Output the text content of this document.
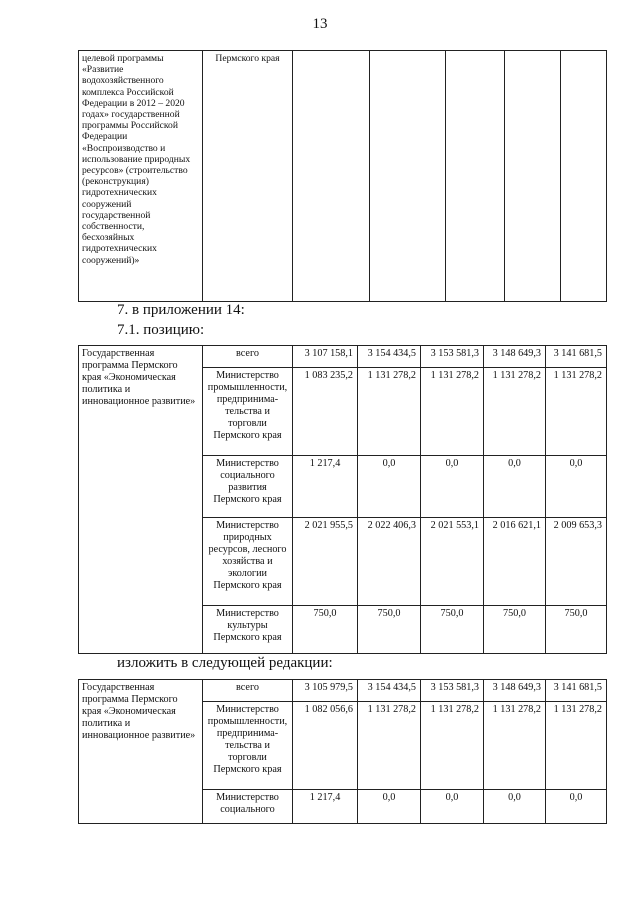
13
целевой программы «Развитие водохозяйственного комплекса Российской Федерации в 2012 – 2020 годах» государственной программы Российской Федерации «Воспроизводство и использование природных ресурсов» (строительство (реконструкция) гидротехнических сооружений государственной собственности, бесхозяйных гидротехнических сооружений)»	Пермского края					
7. в приложении 14:
7.1. позицию:
Государственная программа Пермского края «Экономическая политика и инновационное развитие»	всего	3 107 158,1	3 154 434,5	3 153 581,3	3 148 649,3	3 141 681,5
	Министерство промышленности, предпринима- тельства и торговли Пермского края	1 083 235,2	1 131 278,2	1 131 278,2	1 131 278,2	1 131 278,2
	Министерство социального развития Пермского края	1 217,4	0,0	0,0	0,0	0,0
	Министерство природных ресурсов, лесного хозяйства и экологии Пермского края	2 021 955,5	2 022 406,3	2 021 553,1	2 016 621,1	2 009 653,3
	Министерство культуры Пермского края	750,0	750,0	750,0	750,0	750,0
изложить в следующей редакции:
Государственная программа Пермского края «Экономическая политика и инновационное развитие»	всего	3 105 979,5	3 154 434,5	3 153 581,3	3 148 649,3	3 141 681,5
	Министерство промышленности, предпринима- тельства и торговли Пермского края	1 082 056,6	1 131 278,2	1 131 278,2	1 131 278,2	1 131 278,2
	Министерство социального	1 217,4	0,0	0,0	0,0	0,0
